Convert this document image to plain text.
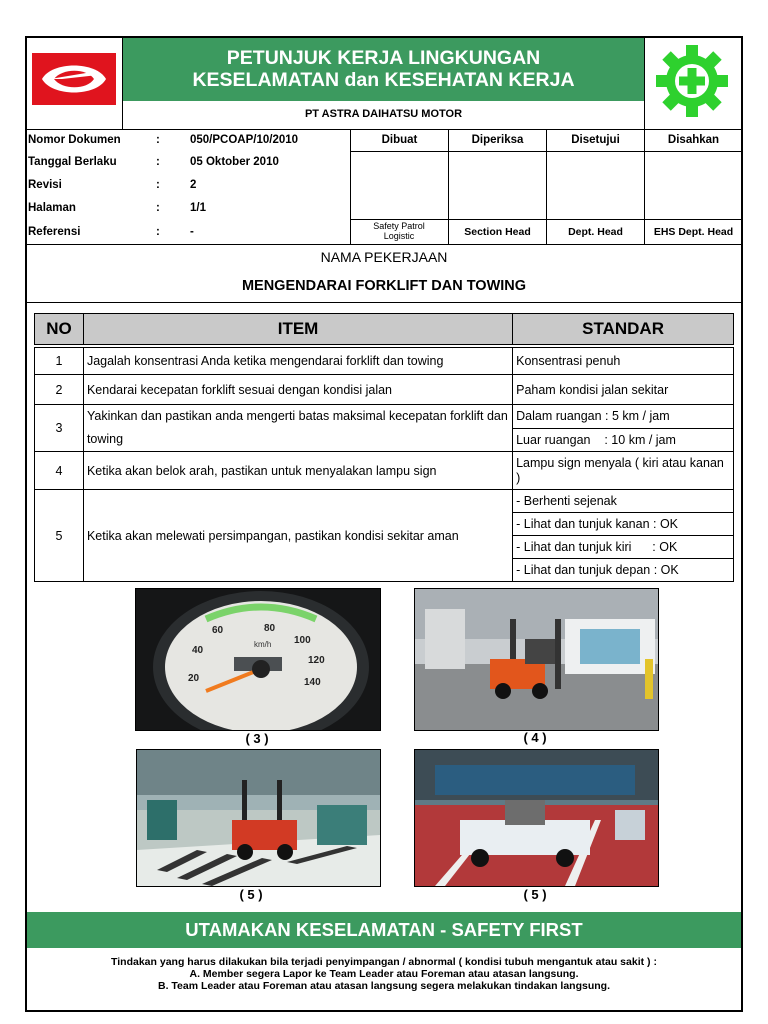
PETUNJUK KERJA LINGKUNGAN
KESELAMATAN dan KESEHATAN KERJA
PT ASTRA DAIHATSU MOTOR
Nomor Dokumen	:	050/PCOAP/10/2010
Tanggal Berlaku	:	05 Oktober 2010
Revisi	:	2
Halaman	:	1/1
Referensi	:	-
Dibuat	Diperiksa	Disetujui	Disahkan
Safety Patrol Logistic	Section Head	Dept. Head	EHS Dept. Head
NAMA PEKERJAAN
MENGENDARAI FORKLIFT DAN TOWING
NO	ITEM	STANDAR

1	Jagalah konsentrasi Anda ketika mengendarai forklift dan towing	Konsentrasi penuh
2	Kendarai kecepatan forklift sesuai dengan kondisi jalan	Paham kondisi jalan sekitar
3	Yakinkan dan pastikan anda mengerti batas maksimal kecepatan forklift dan towing	Dalam ruangan : 5 km / jam
		Luar ruangan    : 10 km / jam
4	Ketika akan belok arah, pastikan untuk menyalakan lampu sign	Lampu sign menyala ( kiri atau kanan )
5	Ketika akan melewati persimpangan, pastikan kondisi sekitar aman	- Berhenti sejenak
		- Lihat dan tunjuk kanan : OK
		- Lihat dan tunjuk kiri      : OK
		- Lihat dan tunjuk depan : OK
20
40
60	80
100
120
140
km/h
( 3 )	( 4 )
( 5 )	( 5 )
UTAMAKAN KESELAMATAN - SAFETY FIRST
Tindakan yang harus dilakukan bila terjadi penyimpangan / abnormal ( kondisi tubuh mengantuk atau sakit ) :
A. Member segera Lapor ke Team Leader atau Foreman atau atasan langsung.
B. Team Leader atau Foreman atau atasan langsung segera melakukan tindakan langsung.
